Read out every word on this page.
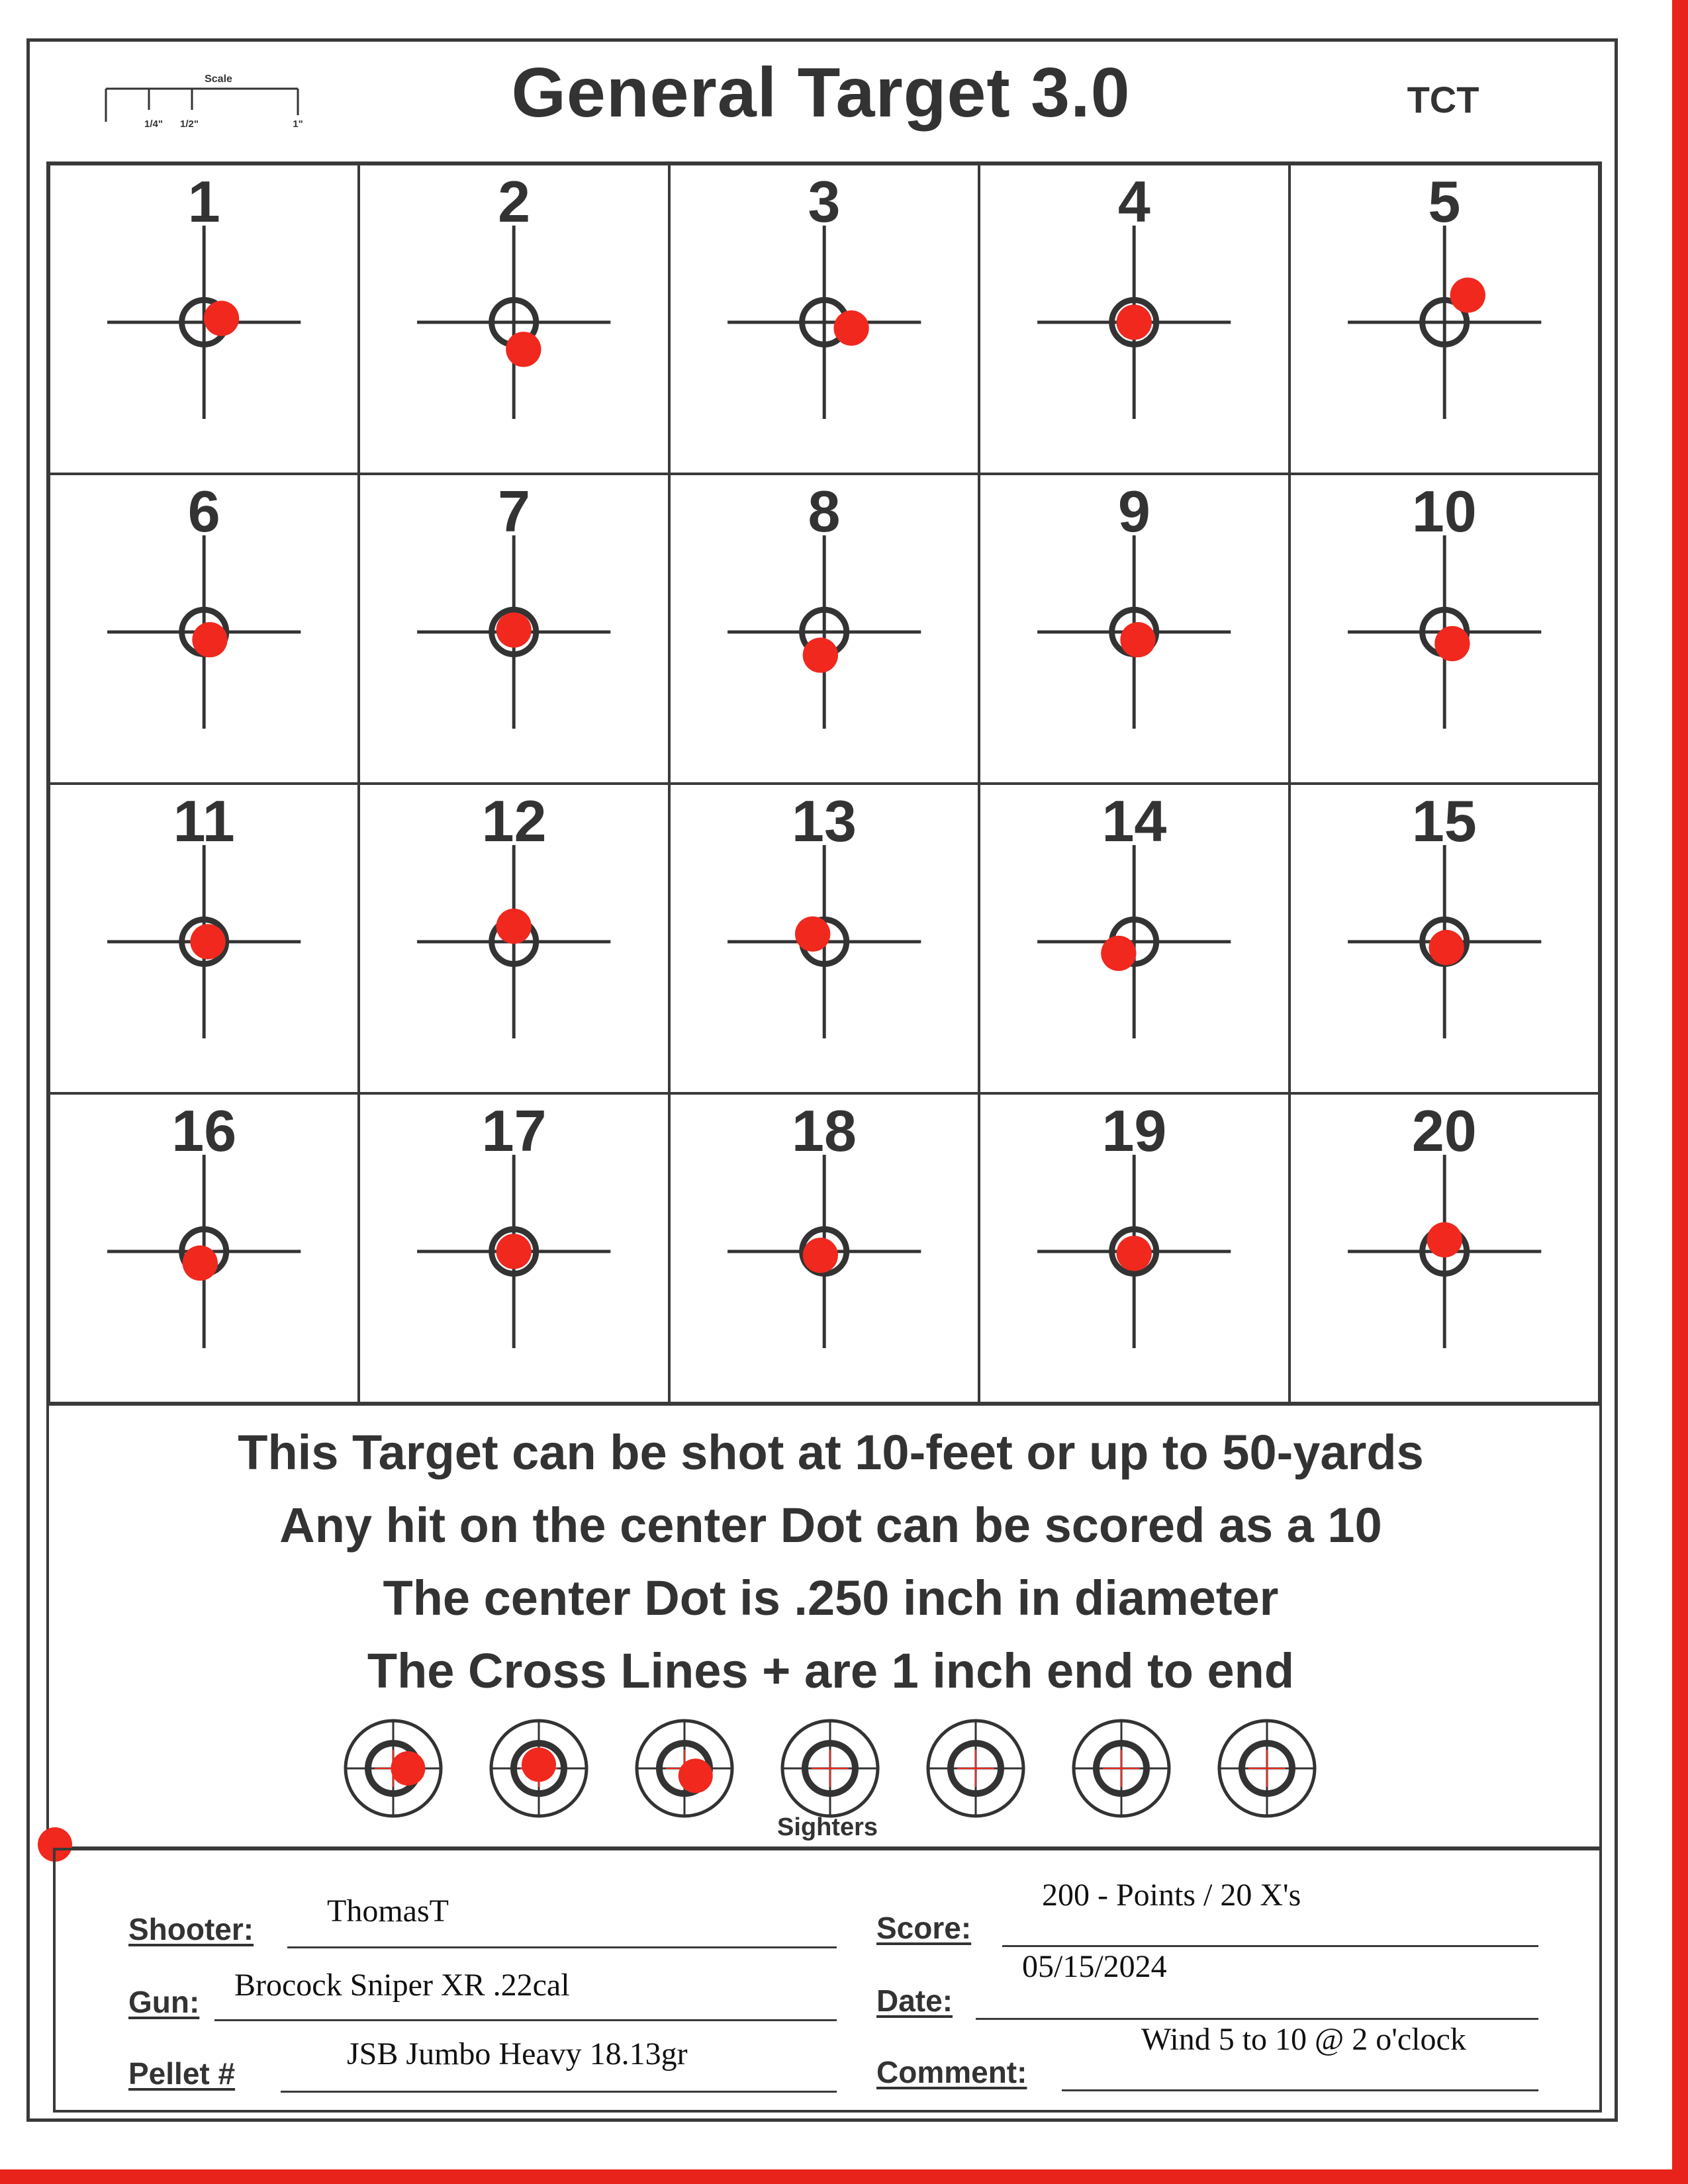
Scale
1/4" 1/2"	1"	General Target 3.0	TCT
1	2	3	4	5
6	7	8	9	10
11	12	13	14	15
16	17	18	19	20
This Target can be shot at 10-feet or up to 50-yards
Any hit on the center Dot can be scored as a 10
The center Dot is .250 inch in diameter
The Cross Lines + are 1 inch end to end
Sighters
Shooter:
ThomasT
Gun: Brocock Sniper XR .22cal
Pellet #
JSB Jumbo Heavy 18.13gr
Score:
200 - Points / 20 X's
Date:
05/15/2024
Comment:
Wind 5 to 10 @ 2 o'clock
